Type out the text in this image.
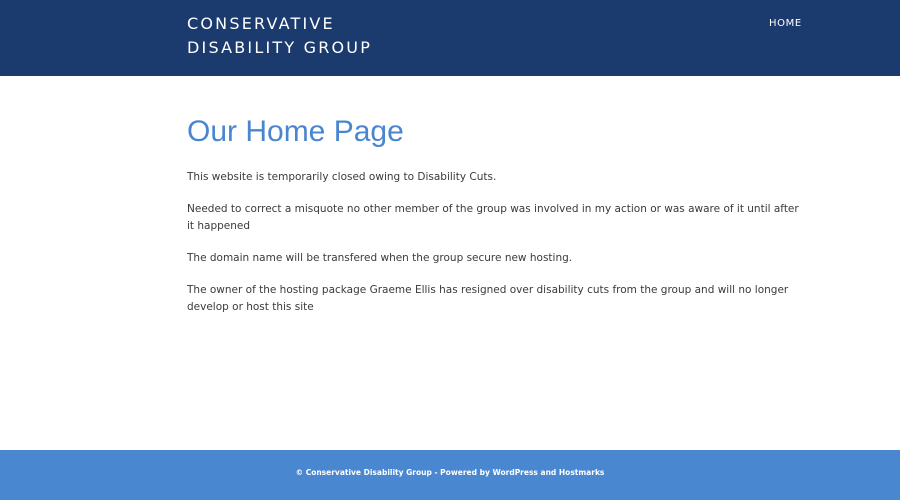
CONSERVATIVE
DISABILITY GROUP
HOME
Our Home Page

This website is temporarily closed owing to Disability Cuts.

Needed to correct a misquote no other member of the group was involved in my action or was aware of it until after it happened

The domain name will be transfered when the group secure new hosting.

The owner of the hosting package Graeme Ellis has resigned over disability cuts from the group and will no longer develop or host this site

© Conservative Disability Group - Powered by WordPress and Hostmarks
